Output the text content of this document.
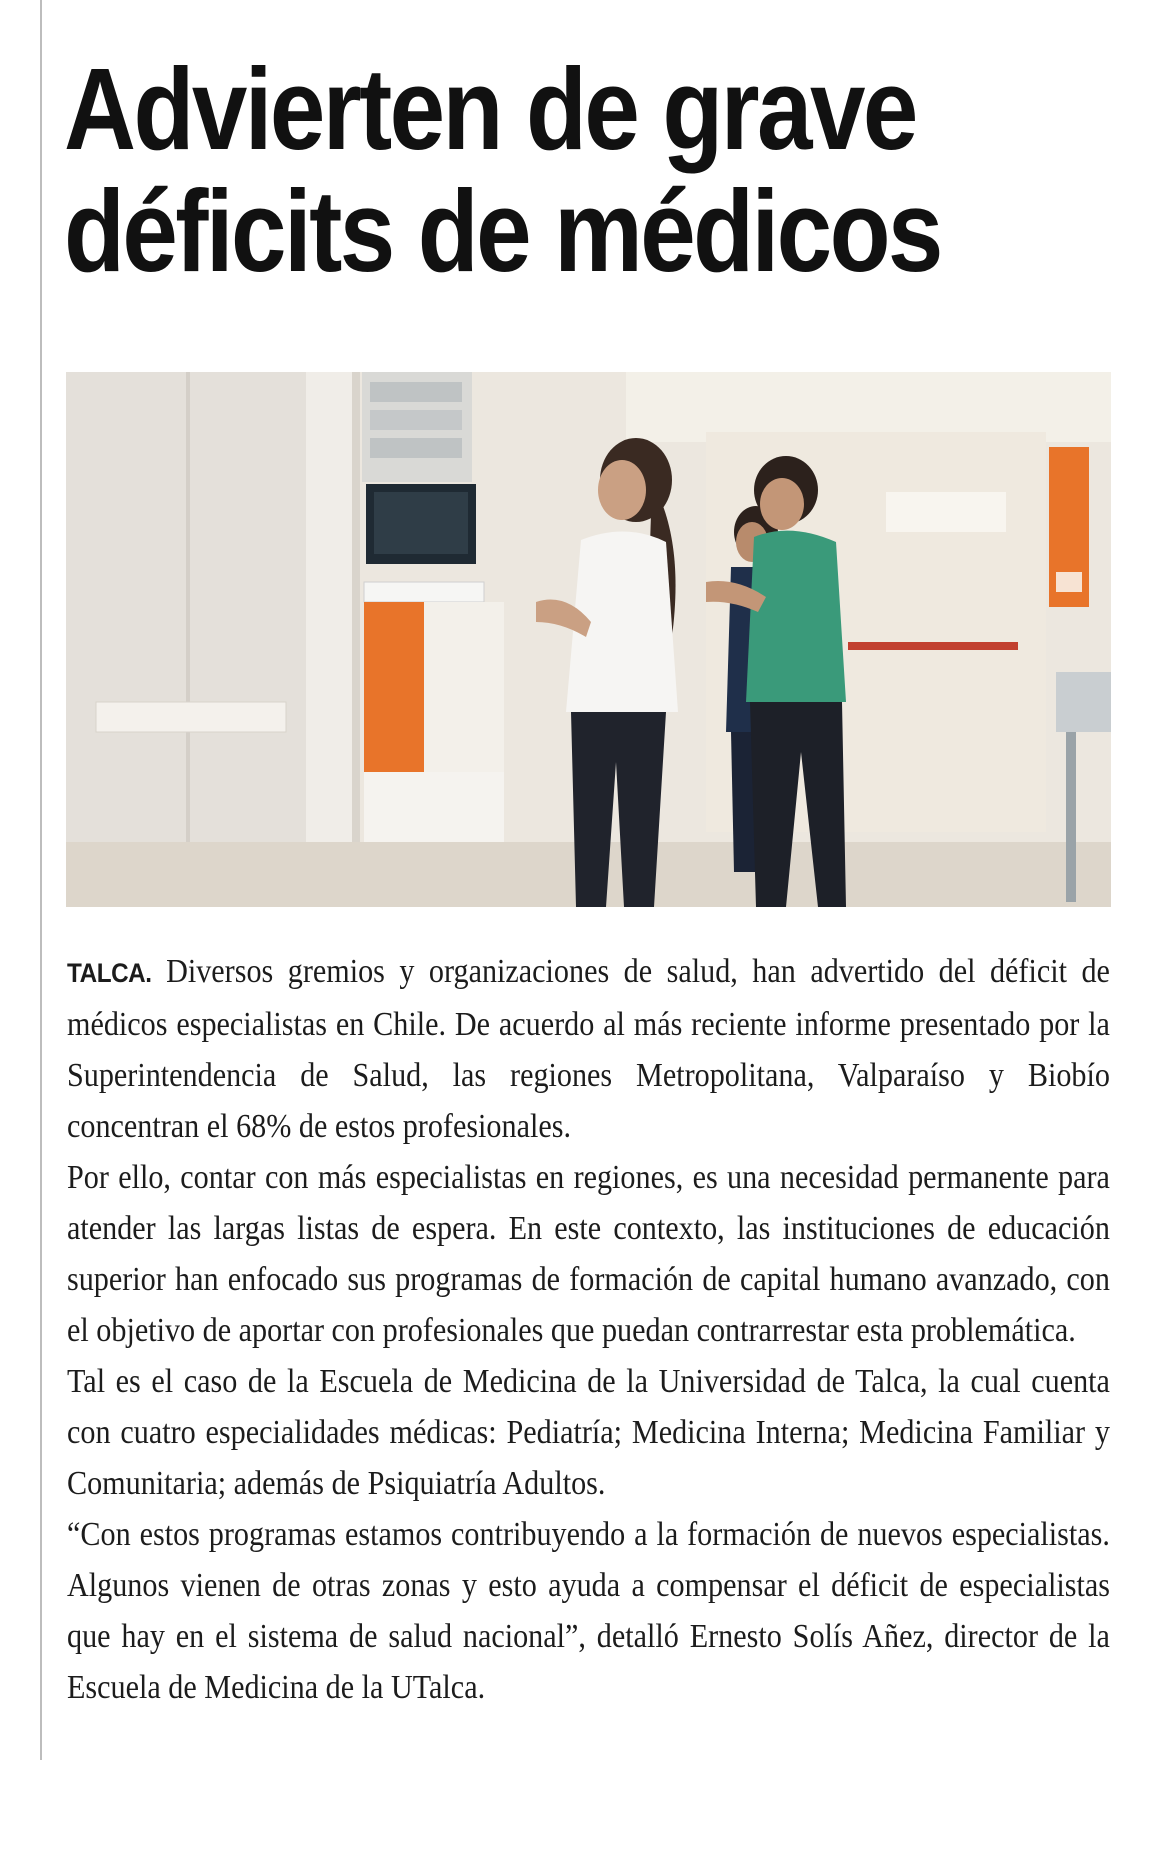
Advierten de grave
déficits de médicos

TALCA. Diversos gremios y organizaciones de salud, han advertido del déficit de médicos especialistas en Chile. De acuerdo al más reciente informe presentado por la Superintendencia de Salud, las regiones Metropolitana, Valparaíso y Biobío concentran el 68% de estos profesionales.

Por ello, contar con más especialistas en regiones, es una necesidad permanente para atender las largas listas de espera. En este contexto, las instituciones de educación superior han enfocado sus programas de formación de capital humano avanzado, con el objetivo de aportar con profesionales que puedan contrarrestar esta problemática.

Tal es el caso de la Escuela de Medicina de la Universidad de Talca, la cual cuenta con cuatro especialidades médicas: Pediatría; Medicina Interna; Medicina Familiar y Comunitaria; además de Psiquiatría Adultos.

“Con estos programas estamos contribuyendo a la formación de nuevos especialistas. Algunos vienen de otras zonas y esto ayuda a compensar el déficit de especialistas que hay en el sistema de salud nacional”, detalló Ernesto Solís Añez, director de la Escuela de Medicina de la UTalca.
